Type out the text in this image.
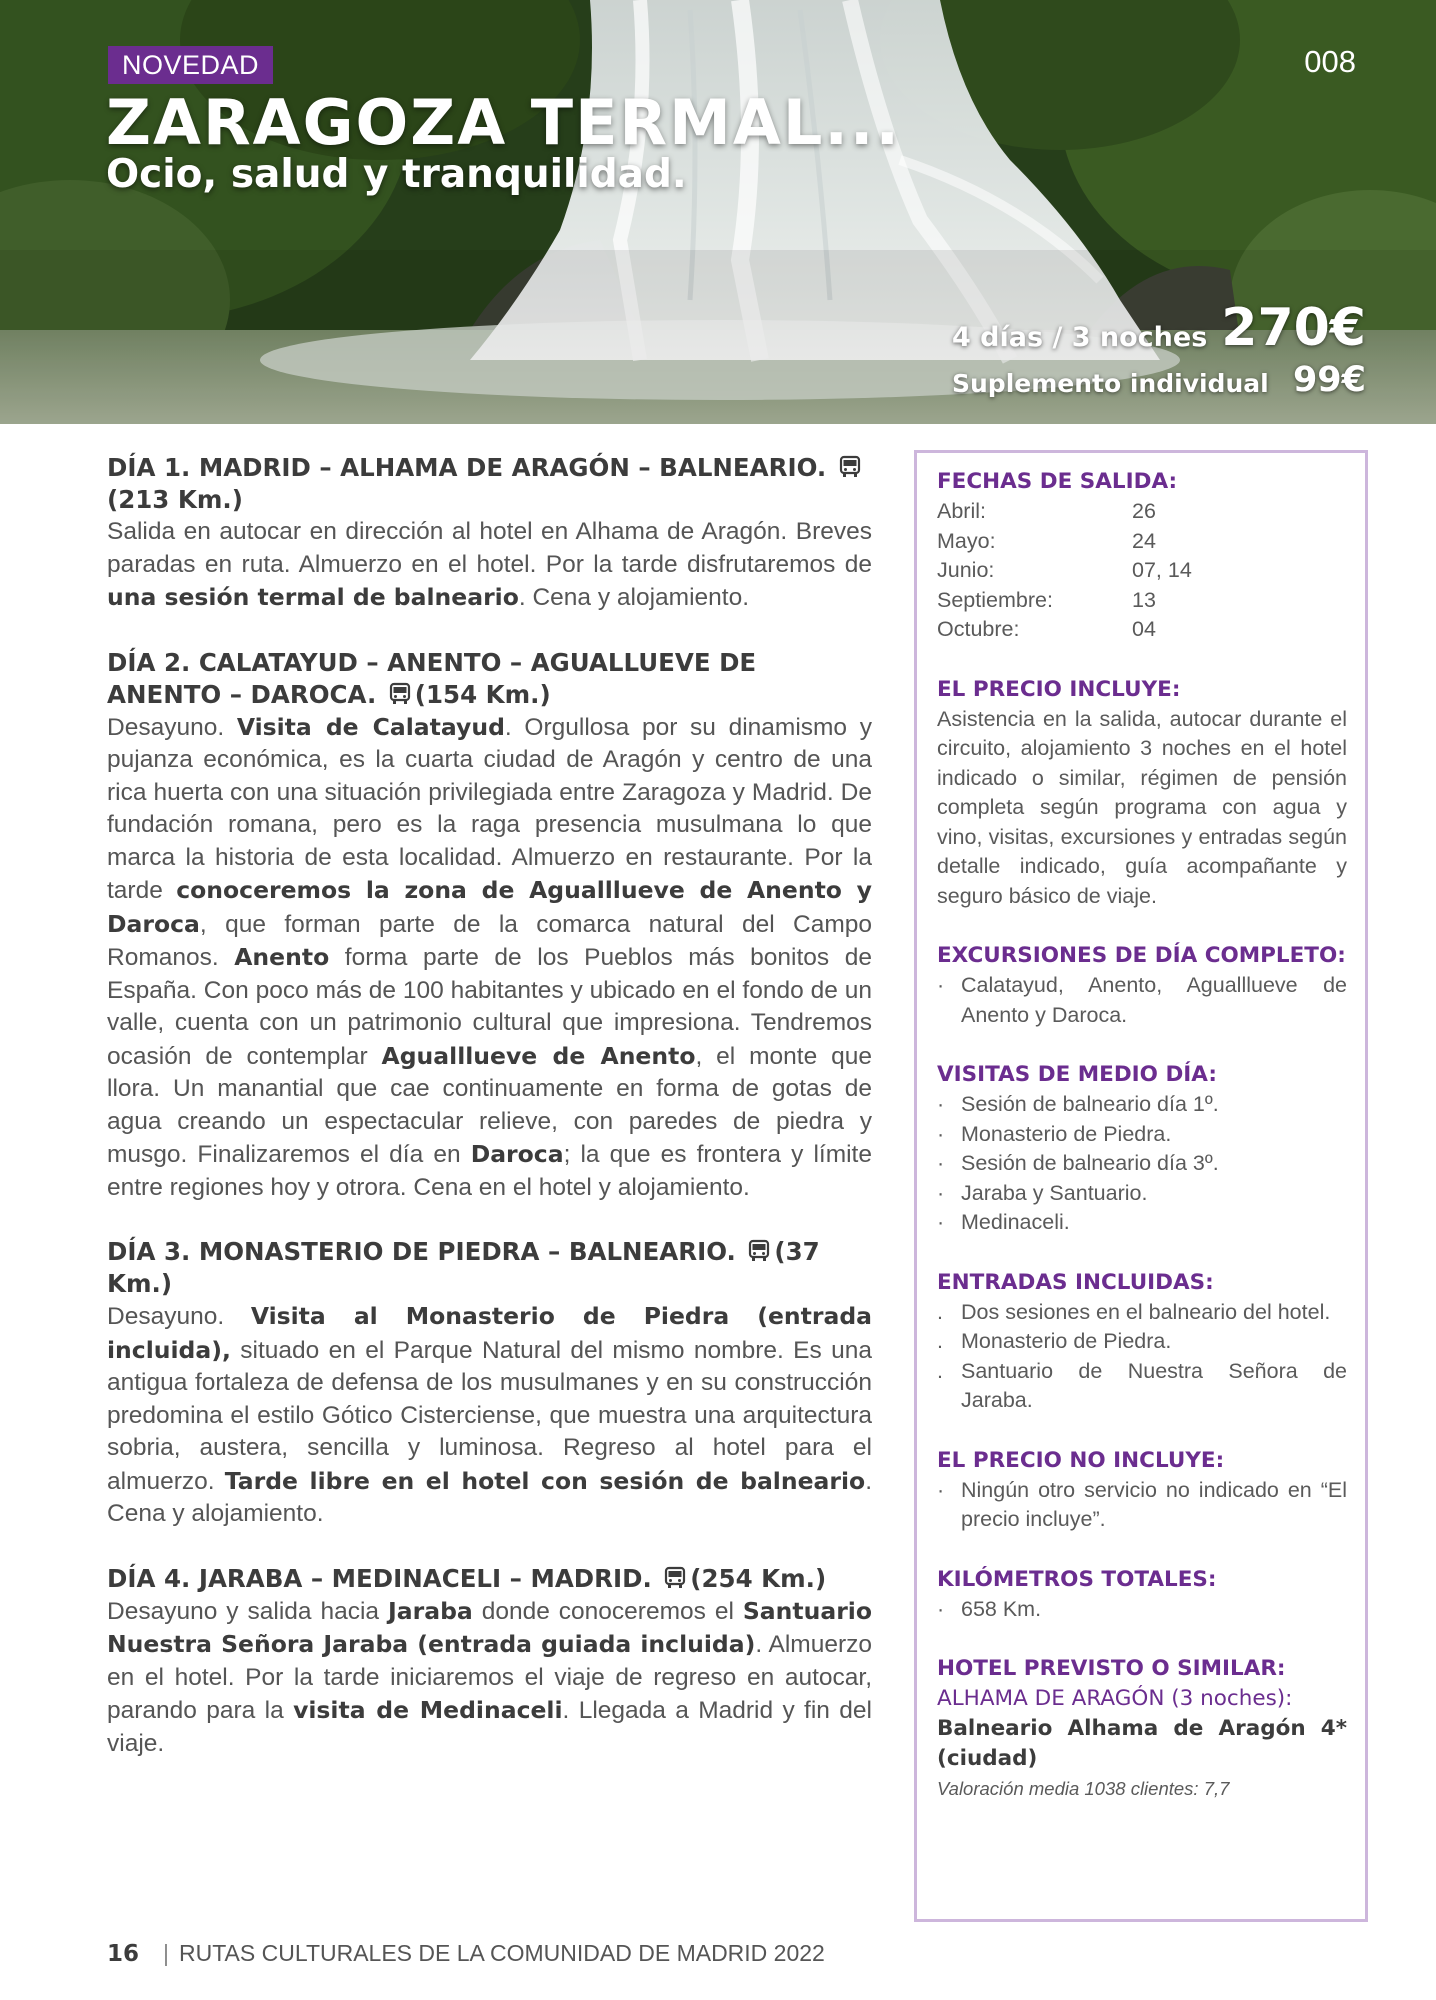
NOVEDAD	008
ZARAGOZA TERMAL...
Ocio, salud y tranquilidad.
4 días / 3 noches 270€
Suplemento individual 99€
DÍA 1. MADRID – ALHAMA DE ARAGÓN – BALNEARIO. (213 Km.)
Salida en autocar en dirección al hotel en Alhama de Aragón. Breves paradas en ruta. Almuerzo en el hotel. Por la tarde disfrutaremos de una sesión termal de balneario. Cena y alojamiento.
DÍA 2. CALATAYUD – ANENTO – AGUALLUEVE DE ANENTO – DAROCA. (154 Km.)
Desayuno. Visita de Calatayud. Orgullosa por su dinamismo y pujanza económica, es la cuarta ciudad de Aragón y centro de una rica huerta con una situación privilegiada entre Zaragoza y Madrid. De fundación romana, pero es la raga presencia musulmana lo que marca la historia de esta localidad. Almuerzo en restaurante. Por la tarde conoceremos la zona de Agualllueve de Anento y Daroca, que forman parte de la comarca natural del Campo Romanos. Anento forma parte de los Pueblos más bonitos de España. Con poco más de 100 habitantes y ubicado en el fondo de un valle, cuenta con un patrimonio cultural que impresiona. Tendremos ocasión de contemplar Agualllueve de Anento, el monte que llora. Un manantial que cae continuamente en forma de gotas de agua creando un espectacular relieve, con paredes de piedra y musgo. Finalizaremos el día en Daroca; la que es frontera y límite entre regiones hoy y otrora. Cena en el hotel y alojamiento.
DÍA 3. MONASTERIO DE PIEDRA – BALNEARIO. (37 Km.)
Desayuno. Visita al Monasterio de Piedra (entrada incluida), situado en el Parque Natural del mismo nombre. Es una antigua fortaleza de defensa de los musulmanes y en su construcción predomina el estilo Gótico Cisterciense, que muestra una arquitectura sobria, austera, sencilla y luminosa. Regreso al hotel para el almuerzo. Tarde libre en el hotel con sesión de balneario. Cena y alojamiento.
DÍA 4. JARABA – MEDINACELI – MADRID. (254 Km.)
Desayuno y salida hacia Jaraba donde conoceremos el Santuario Nuestra Señora Jaraba (entrada guiada incluida). Almuerzo en el hotel. Por la tarde iniciaremos el viaje de regreso en autocar, parando para la visita de Medinaceli. Llegada a Madrid y fin del viaje.
FECHAS DE SALIDA:
Abril:	26
Mayo:	24
Junio:	07, 14
Septiembre:	13
Octubre:	04
EL PRECIO INCLUYE:
Asistencia en la salida, autocar durante el circuito, alojamiento 3 noches en el hotel indicado o similar, régimen de pensión completa según programa con agua y vino, visitas, excursiones y entradas según detalle indicado, guía acompañante y seguro básico de viaje.
EXCURSIONES DE DÍA COMPLETO:
· Calatayud, Anento, Agualllueve de Anento y Daroca.
VISITAS DE MEDIO DÍA:
· Sesión de balneario día 1º.
· Monasterio de Piedra.
· Sesión de balneario día 3º.
· Jaraba y Santuario.
· Medinaceli.
ENTRADAS INCLUIDAS:
. Dos sesiones en el balneario del hotel.
. Monasterio de Piedra.
. Santuario de Nuestra Señora de Jaraba.
EL PRECIO NO INCLUYE:
· Ningún otro servicio no indicado en “El precio incluye”.
KILÓMETROS TOTALES:
· 658 Km.
HOTEL PREVISTO O SIMILAR:
ALHAMA DE ARAGÓN (3 noches):
Balneario Alhama de Aragón 4* (ciudad)
Valoración media 1038 clientes: 7,7
16 | RUTAS CULTURALES DE LA COMUNIDAD DE MADRID 2022
